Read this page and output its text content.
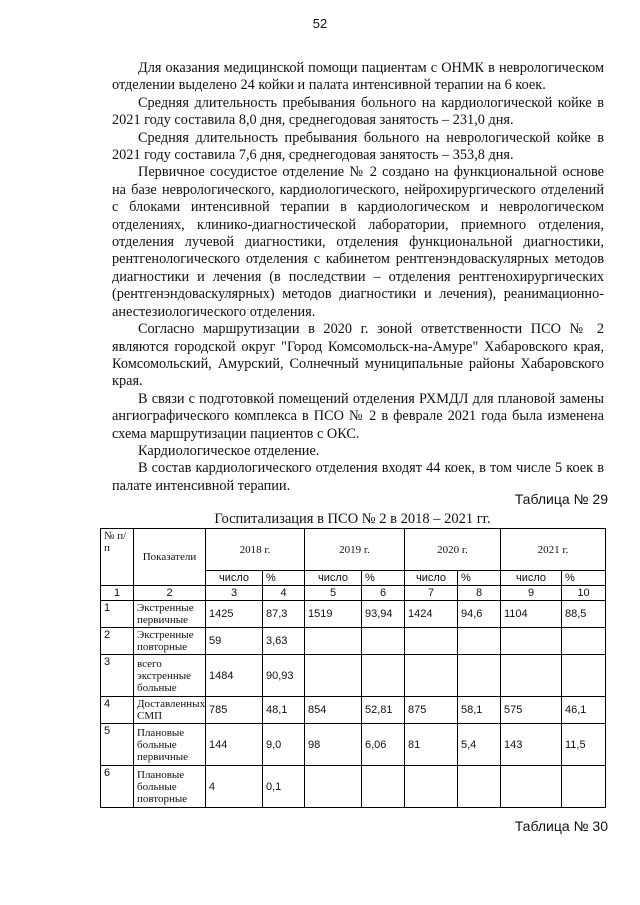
52

Для оказания медицинской помощи пациентам с ОНМК в неврологическом отделении выделено 24 койки и палата интенсивной терапии на 6 коек.

Средняя длительность пребывания больного на кардиологической койке в 2021 году составила 8,0 дня, среднегодовая занятость – 231,0 дня.

Средняя длительность пребывания больного на неврологической койке в 2021 году составила 7,6 дня, среднегодовая занятость – 353,8 дня.

Первичное сосудистое отделение № 2 создано на функциональной основе на базе неврологического, кардиологического, нейрохирургического отделений с блоками интенсивной терапии в кардиологическом и неврологическом отделениях, клинико-диагностической лаборатории, приемного отделения, отделения лучевой диагностики, отделения функциональной диагностики, рентгенологического отделения с кабинетом рентгенэндоваскулярных методов диагностики и лечения (в последствии – отделения рентгенохирургических (рентгенэндоваскулярных) методов диагностики и лечения), реанимационно-анестезиологического отделения.

Согласно маршрутизации в 2020 г. зоной ответственности ПСО № 2 являются городской округ "Город Комсомольск-на-Амуре" Хабаровского края, Комсомольский, Амурский, Солнечный муниципальные районы Хабаровского края.

В связи с подготовкой помещений отделения РХМДЛ для плановой замены ангиографического комплекса в ПСО № 2 в феврале 2021 года была изменена схема маршрутизации пациентов с ОКС.

Кардиологическое отделение.

В состав кардиологического отделения входят 44 коек, в том числе 5 коек в палате интенсивной терапии.

Таблица № 29
Госпитализация в ПСО № 2 в 2018 – 2021 гг.
№ п/п	Показатели	2018 г.		2019 г.		2020 г.		2021 г.	
		число	%	число	%	число	%	число	%
1	2	3	4	5	6	7	8	9	10
1	Экстренные первичные	1425	87,3	1519	93,94	1424	94,6	1104	88,5
2	Экстренные повторные	59	3,63						
3	всего экстренные больные	1484	90,93						
4	Доставленных СМП	785	48,1	854	52,81	875	58,1	575	46,1
5	Плановые больные первичные	144	9,0	98	6,06	81	5,4	143	11,5
6	Плановые больные повторные	4	0,1						
Таблица № 30
